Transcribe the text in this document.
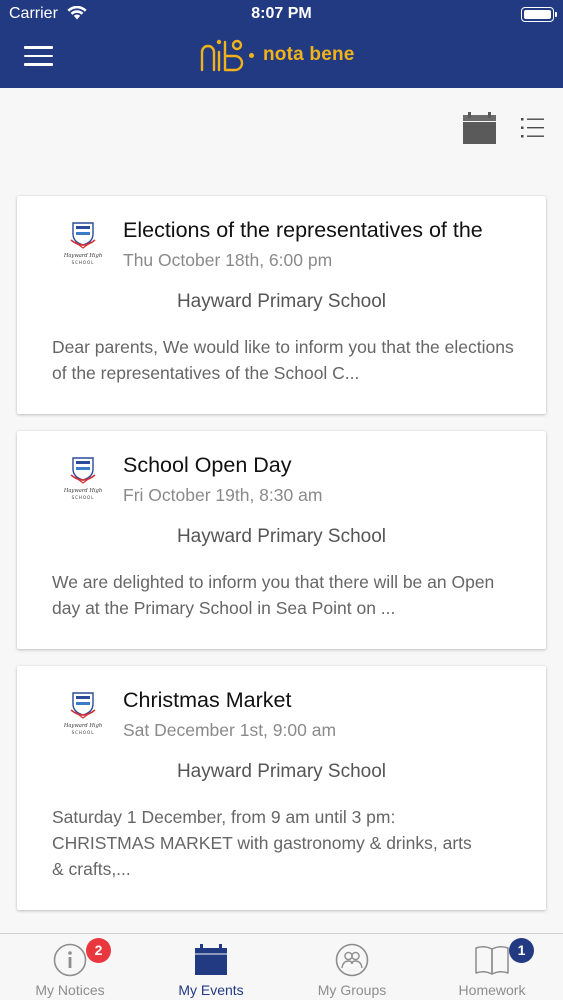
Carrier	8:07 PM
nota bene
Hayward High
SCHOOL
Elections of the representatives of the
Thu October 18th, 6:00 pm
Hayward Primary School
Dear parents, We would like to inform you that the elections of the representatives of the School C...
Hayward High
SCHOOL
School Open Day
Fri October 19th, 8:30 am
Hayward Primary School
We are delighted to inform you that there will be an Open day at the Primary School in Sea Point on ...
Hayward High
SCHOOL
Christmas Market
Sat December 1st, 9:00 am
Hayward Primary School
Saturday 1 December, from 9 am until 3 pm: CHRISTMAS MARKET with gastronomy & drinks, arts & crafts,...
2
My Notices	My Events	My Groups
1
Homework
